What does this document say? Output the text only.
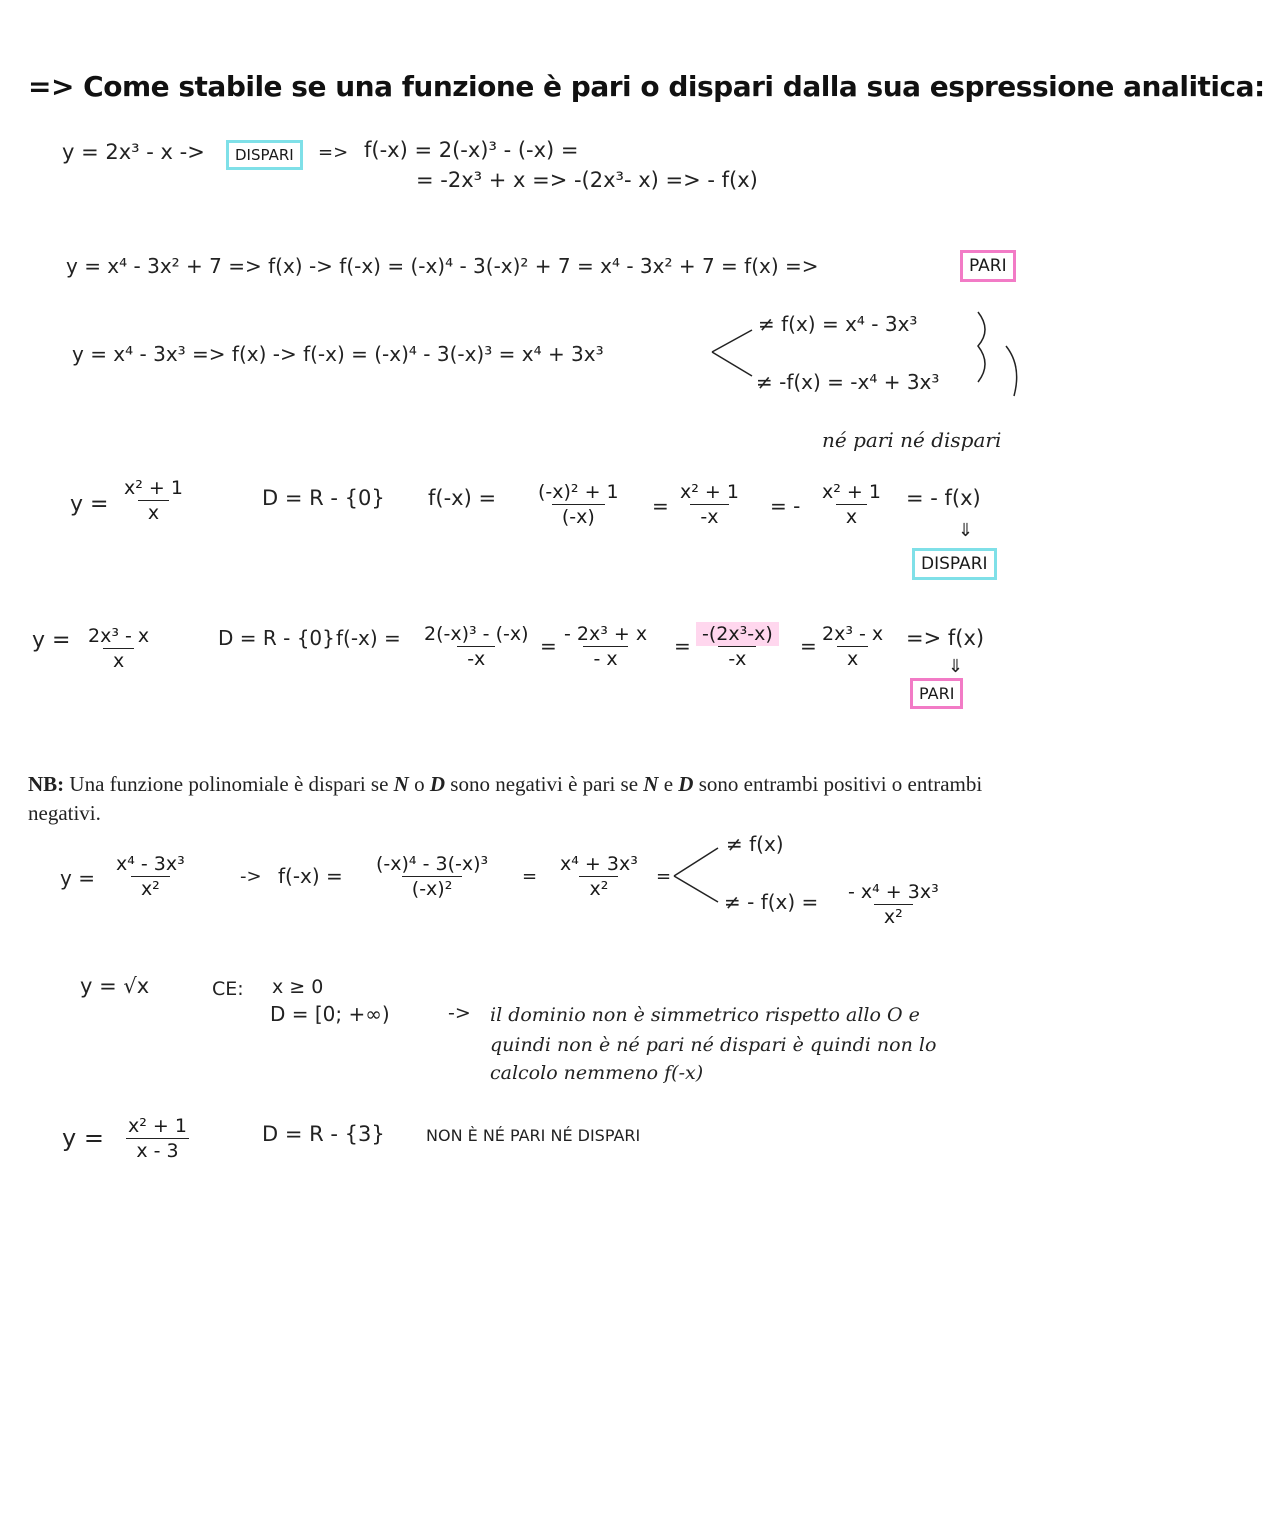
=> Come stabile se una funzione è pari o dispari dalla sua espressione analitica:
y = 2x³ - x ->	DISPARI	=> f(-x) = 2(-x)³ - (-x) =
= -2x³ + x => -(2x³- x) => - f(x)
y = x⁴ - 3x² + 7 => f(x) -> f(-x) = (-x)⁴ - 3(-x)² + 7 = x⁴ - 3x² + 7 = f(x) =>	PARI
y = x⁴ - 3x³ => f(x) -> f(-x) = (-x)⁴ - 3(-x)³ = x⁴ + 3x³
≠ f(x) = x⁴ - 3x³
≠ -f(x) = -x⁴ + 3x³
né pari né dispari
$y = \frac{\text{x² + 1}}{x}$	D = R - {0} $f(-x) = \frac{\text{(-x)² + 1}}{(-x)} = \frac{\text{x² + 1}}{-x}$ = - $\frac{\text{x² + 1}}{x}$ = - f(x)
⇓
DISPARI
$y = \frac{\text{2x³ - x}}{x}$	D = R - {0} $f(-x) = \frac{\text{2(-x)³ - (-x)}}{-x} = \frac{\text{- 2x³ + x}}{- x} = \frac{\text{-(2x³-x)}}{-x} = \frac{\text{2x³ - x}}{x} => f(x)$
⇓
PARI
NB: Una funzione polinomiale è dispari se N o D sono negativi è pari se N e D sono entrambi positivi o entrambi negativi.
$y = \frac{\text{x⁴ - 3x³}}{\text{x²}}$	-> $f(-x) = \frac{\text{(-x)⁴ - 3(-x)³}}{\text{(-x)²}} = \frac{\text{x⁴ + 3x³}}{\text{x²}}$ =
≠ f(x)
≠ - $f(x) = \frac{\text{- x⁴ + 3x³}}{\text{x²}}$
y = √x	CE: x ≥ 0
D = [0; +∞)	-> il dominio non è simmetrico rispetto allo O e
quindi non è né pari né dispari è quindi non lo
calcolo nemmeno f(-x)
$y = \frac{\text{x² + 1}}{x - 3}$	D = R - {3}	NON È NÉ PARI NÉ DISPARI
